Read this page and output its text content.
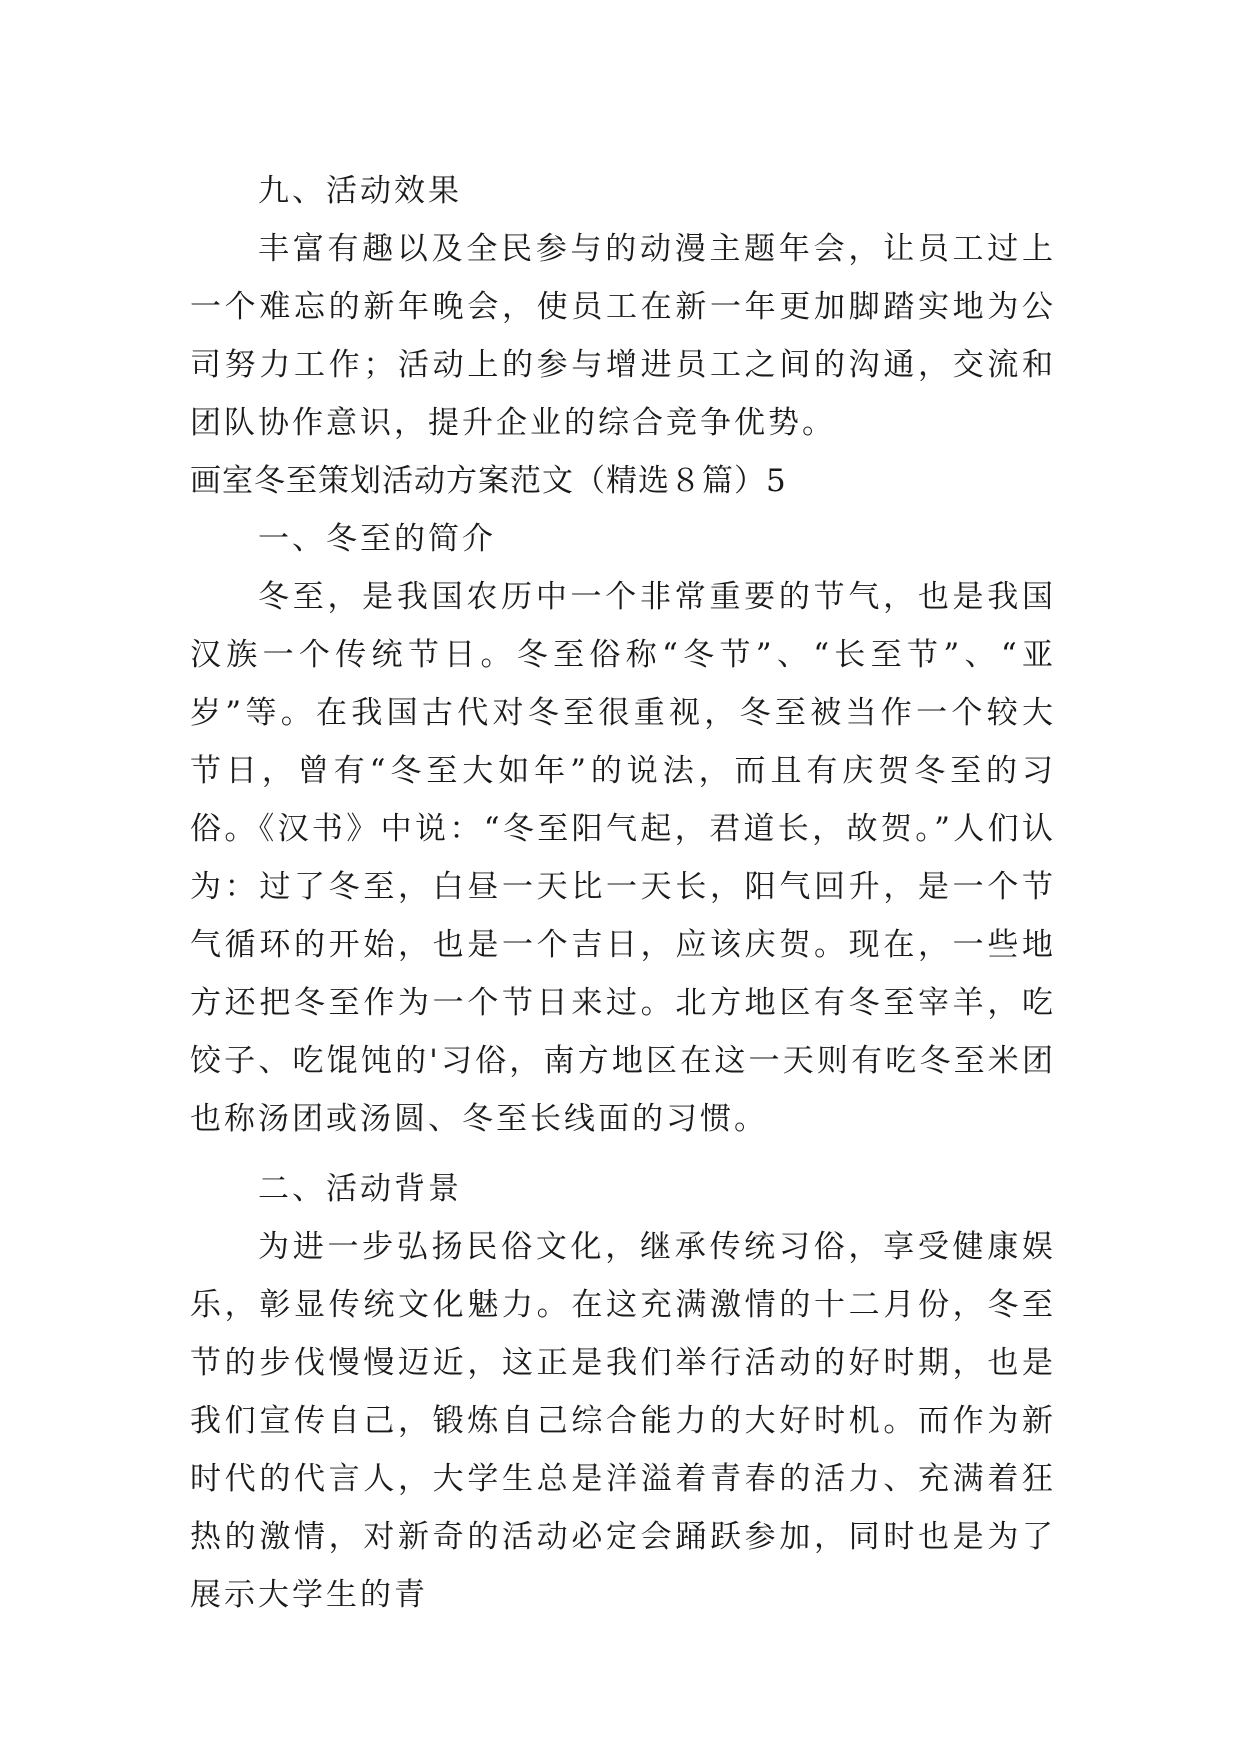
九、活动效果

丰富有趣以及全民参与的动漫主题年会，让员工过上一个难忘的新年晚会，使员工在新一年更加脚踏实地为公司努力工作；活动上的参与增进员工之间的沟通，交流和团队协作意识，提升企业的综合竞争优势。

画室冬至策划活动方案范文（精选８篇）5

一、冬至的简介

冬至，是我国农历中一个非常重要的节气，也是我国汉族一个传统节日。冬至俗称“冬节”、“长至节”、“亚岁”等。在我国古代对冬至很重视，冬至被当作一个较大节日，曾有“冬至大如年”的说法，而且有庆贺冬至的习俗。《汉书》中说：“冬至阳气起，君道长，故贺。”人们认为：过了冬至，白昼一天比一天长，阳气回升，是一个节气循环的开始，也是一个吉日，应该庆贺。现在，一些地方还把冬至作为一个节日来过。北方地区有冬至宰羊，吃饺子、吃馄饨的'习俗，南方地区在这一天则有吃冬至米团也称汤团或汤圆、冬至长线面的习惯。

二、活动背景

为进一步弘扬民俗文化，继承传统习俗，享受健康娱乐，彰显传统文化魅力。在这充满激情的十二月份，冬至节的步伐慢慢迈近，这正是我们举行活动的好时期，也是我们宣传自己，锻炼自己综合能力的大好时机。而作为新时代的代言人，大学生总是洋溢着青春的活力、充满着狂热的激情，对新奇的活动必定会踊跃参加，同时也是为了展示大学生的青
